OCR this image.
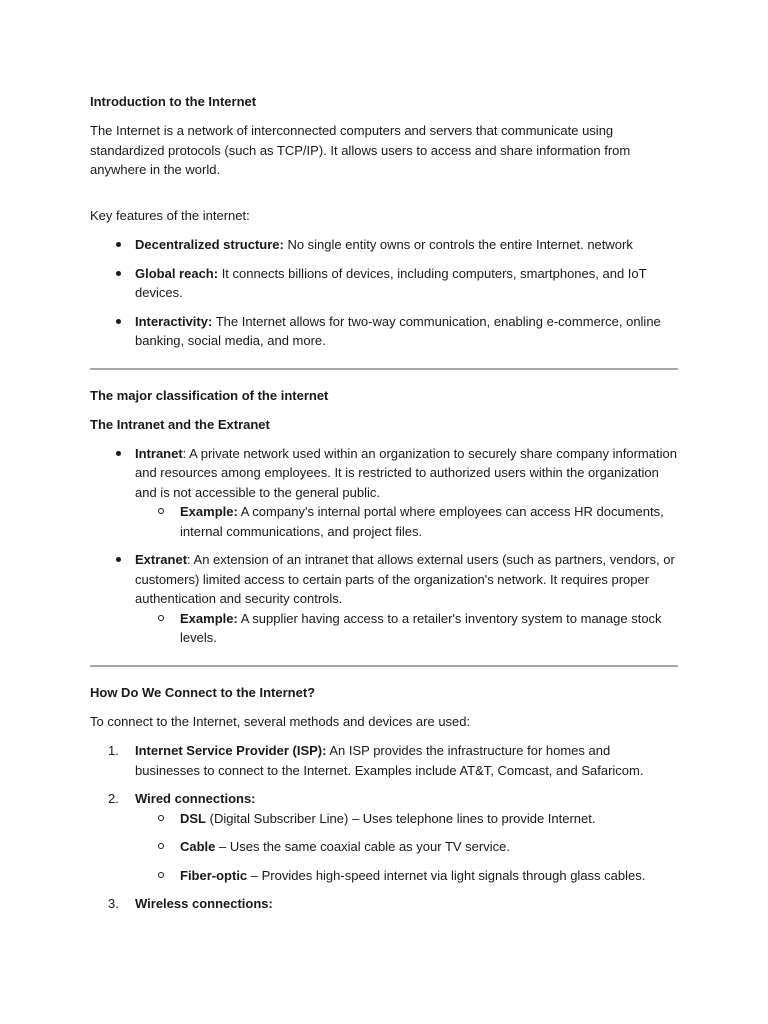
Introduction to the Internet
The Internet is a network of interconnected computers and servers that communicate using standardized protocols (such as TCP/IP). It allows users to access and share information from anywhere in the world.
Key features of the internet:
Decentralized structure: No single entity owns or controls the entire Internet. network
Global reach: It connects billions of devices, including computers, smartphones, and IoT devices.
Interactivity: The Internet allows for two-way communication, enabling e-commerce, online banking, social media, and more.
The major classification of the internet
The Intranet and the Extranet
Intranet: A private network used within an organization to securely share company information and resources among employees. It is restricted to authorized users within the organization and is not accessible to the general public.
Example: A company's internal portal where employees can access HR documents, internal communications, and project files.
Extranet: An extension of an intranet that allows external users (such as partners, vendors, or customers) limited access to certain parts of the organization's network. It requires proper authentication and security controls.
Example: A supplier having access to a retailer's inventory system to manage stock levels.
How Do We Connect to the Internet?
To connect to the Internet, several methods and devices are used:
1.	Internet Service Provider (ISP): An ISP provides the infrastructure for homes and businesses to connect to the Internet. Examples include AT&T, Comcast, and Safaricom.
2.	Wired connections:
DSL (Digital Subscriber Line) – Uses telephone lines to provide Internet.
Cable – Uses the same coaxial cable as your TV service.
Fiber-optic – Provides high-speed internet via light signals through glass cables.
3.	Wireless connections:
